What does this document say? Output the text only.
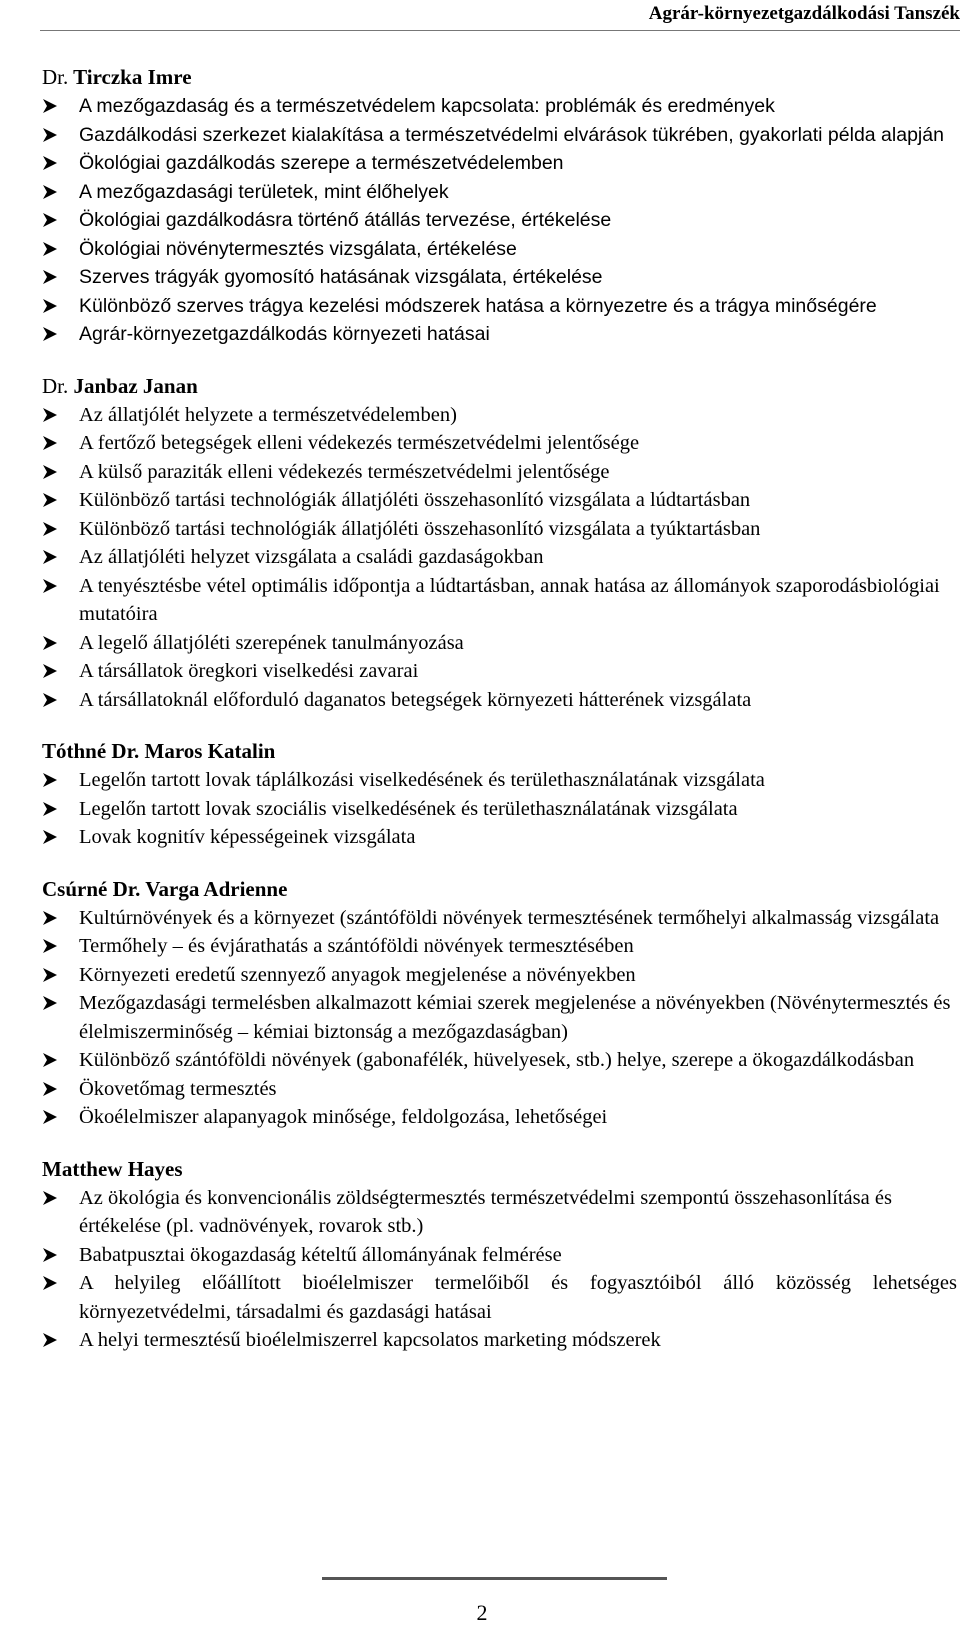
Agrár-környezetgazdálkodási Tanszék
Dr. Tirczka Imre
A mezőgazdaság és a természetvédelem kapcsolata: problémák és eredmények
Gazdálkodási szerkezet kialakítása a természetvédelmi elvárások tükrében, gyakorlati példa alapján
Ökológiai gazdálkodás szerepe a természetvédelemben
A mezőgazdasági területek, mint élőhelyek
Ökológiai gazdálkodásra történő átállás tervezése, értékelése
Ökológiai növénytermesztés vizsgálata, értékelése
Szerves trágyák gyomosító hatásának vizsgálata, értékelése
Különböző szerves trágya kezelési módszerek hatása a környezetre és a trágya minőségére
Agrár-környezetgazdálkodás környezeti hatásai
Dr. Janbaz Janan
Az állatjólét helyzete a természetvédelemben)
A fertőző betegségek elleni védekezés természetvédelmi jelentősége
A külső paraziták elleni védekezés természetvédelmi jelentősége
Különböző tartási technológiák állatjóléti összehasonlító vizsgálata a lúdtartásban
Különböző tartási technológiák állatjóléti összehasonlító vizsgálata a tyúktartásban
Az állatjóléti helyzet vizsgálata a családi gazdaságokban
A tenyésztésbe vétel optimális időpontja a lúdtartásban, annak hatása az állományok szaporodásbiológiai mutatóira
A legelő állatjóléti szerepének tanulmányozása
A társállatok öregkori viselkedési zavarai
A társállatoknál előforduló daganatos betegségek környezeti hátterének vizsgálata
Tóthné Dr. Maros Katalin
Legelőn tartott lovak táplálkozási viselkedésének és területhasználatának vizsgálata
Legelőn tartott lovak szociális viselkedésének és területhasználatának vizsgálata
Lovak kognitív képességeinek vizsgálata
Csúrné Dr. Varga Adrienne
Kultúrnövények és a környezet (szántóföldi növények termesztésének termőhelyi alkalmasság vizsgálata
Termőhely – és évjárathatás a szántóföldi növények termesztésében
Környezeti eredetű szennyező anyagok megjelenése a növényekben
Mezőgazdasági termelésben alkalmazott kémiai szerek megjelenése a növényekben (Növénytermesztés és élelmiszerminőség – kémiai biztonság a mezőgazdaságban)
Különböző szántóföldi növények (gabonafélék, hüvelyesek, stb.) helye, szerepe a ökogazdálkodásban
Ökovetőmag termesztés
Ökoélelmiszer alapanyagok minősége, feldolgozása, lehetőségei
Matthew Hayes
Az ökológia és konvencionális zöldségtermesztés természetvédelmi szempontú összehasonlítása és értékelése (pl. vadnövények, rovarok stb.)
Babatpusztai ökogazdaság kételtű állományának felmérése
A helyileg előállított bioélelmiszer termelőiből és fogyasztóiból álló közösség lehetséges környezetvédelmi, társadalmi és gazdasági hatásai
A helyi termesztésű bioélelmiszerrel kapcsolatos marketing módszerek
2
